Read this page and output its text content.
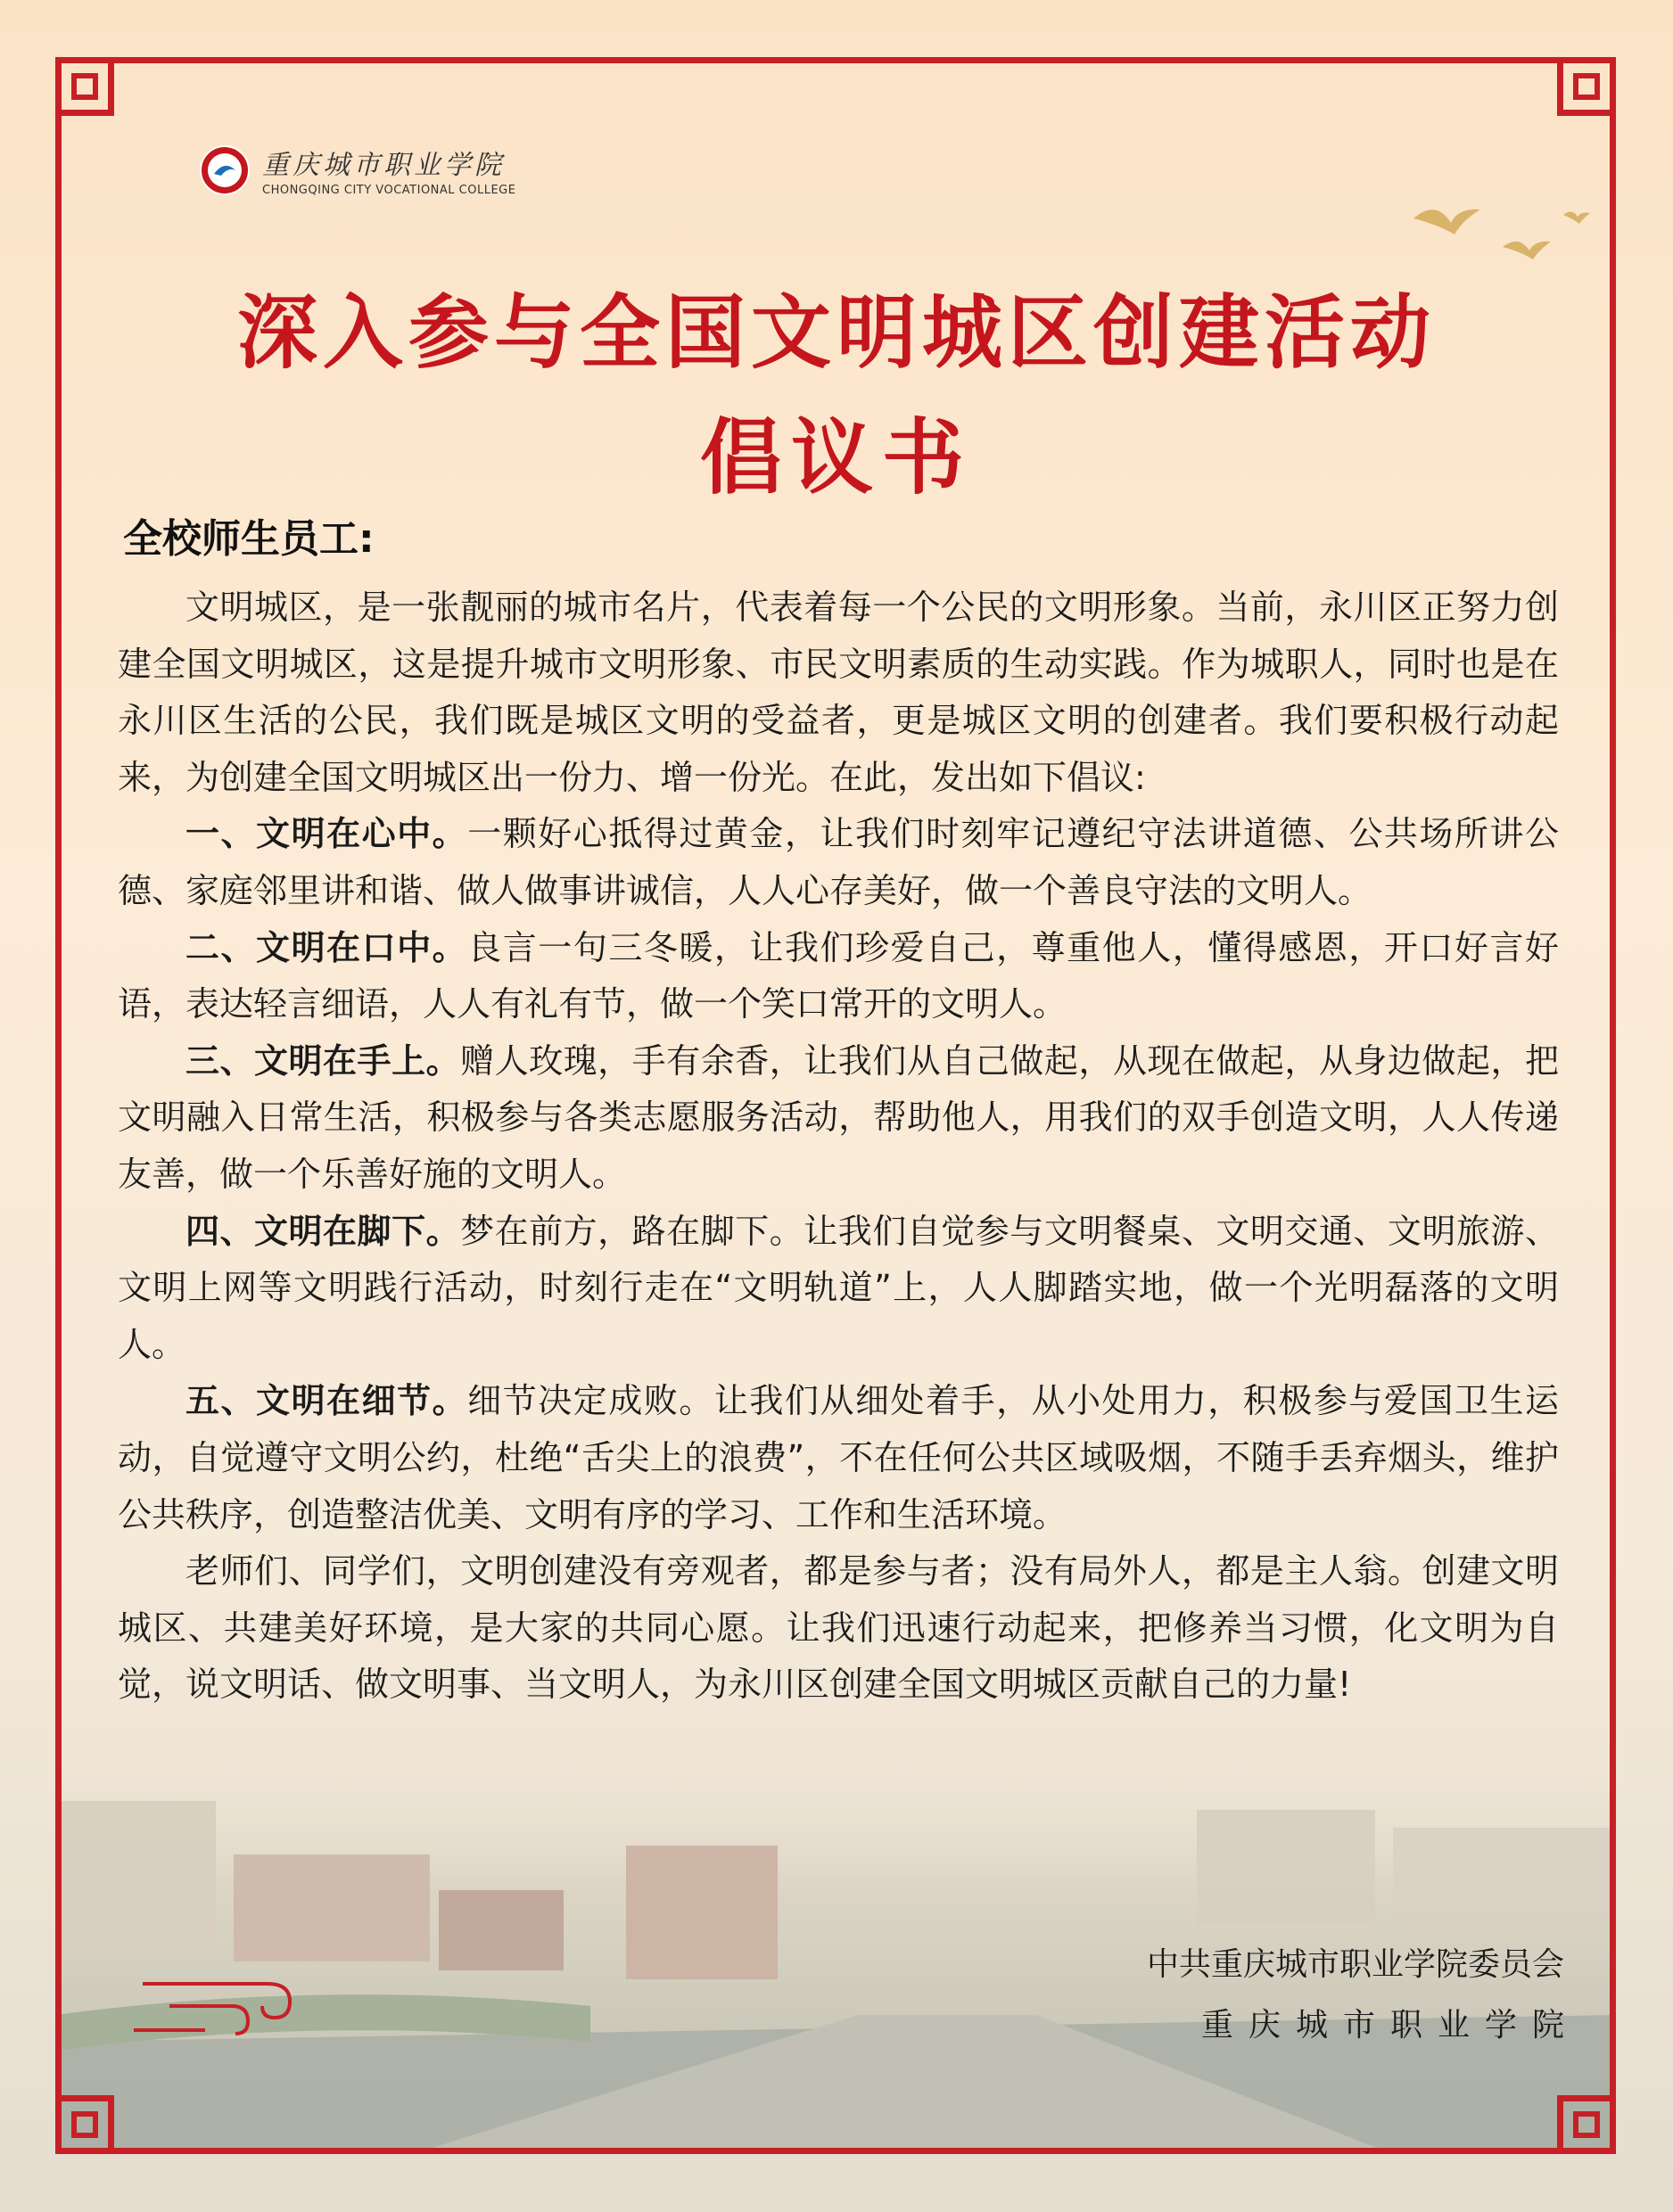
重庆城市职业学院
CHONGQING CITY VOCATIONAL COLLEGE
深入参与全国文明城区创建活动
倡议书
全校师生员工:

文明城区，是一张靓丽的城市名片，代表着每一个公民的文明形象。当前，永川区正努力创建全国文明城区，这是提升城市文明形象、市民文明素质的生动实践。作为城职人，同时也是在永川区生活的公民，我们既是城区文明的受益者，更是城区文明的创建者。我们要积极行动起来，为创建全国文明城区出一份力、增一份光。在此，发出如下倡议:

一、文明在心中。一颗好心抵得过黄金，让我们时刻牢记遵纪守法讲道德、公共场所讲公德、家庭邻里讲和谐、做人做事讲诚信，人人心存美好，做一个善良守法的文明人。

二、文明在口中。良言一句三冬暖，让我们珍爱自己，尊重他人，懂得感恩，开口好言好语，表达轻言细语，人人有礼有节，做一个笑口常开的文明人。

三、文明在手上。赠人玫瑰，手有余香，让我们从自己做起，从现在做起，从身边做起，把文明融入日常生活，积极参与各类志愿服务活动，帮助他人，用我们的双手创造文明，人人传递友善，做一个乐善好施的文明人。

四、文明在脚下。梦在前方，路在脚下。让我们自觉参与文明餐桌、文明交通、文明旅游、文明上网等文明践行活动，时刻行走在“文明轨道”上，人人脚踏实地，做一个光明磊落的文明人。

五、文明在细节。细节决定成败。让我们从细处着手，从小处用力，积极参与爱国卫生运动，自觉遵守文明公约，杜绝“舌尖上的浪费”，不在任何公共区域吸烟，不随手丢弃烟头，维护公共秩序，创造整洁优美、文明有序的学习、工作和生活环境。

老师们、同学们，文明创建没有旁观者，都是参与者；没有局外人，都是主人翁。创建文明城区、共建美好环境，是大家的共同心愿。让我们迅速行动起来，把修养当习惯，化文明为自觉，说文明话、做文明事、当文明人，为永川区创建全国文明城区贡献自己的力量!

中共重庆城市职业学院委员会
重庆城市职业学院
